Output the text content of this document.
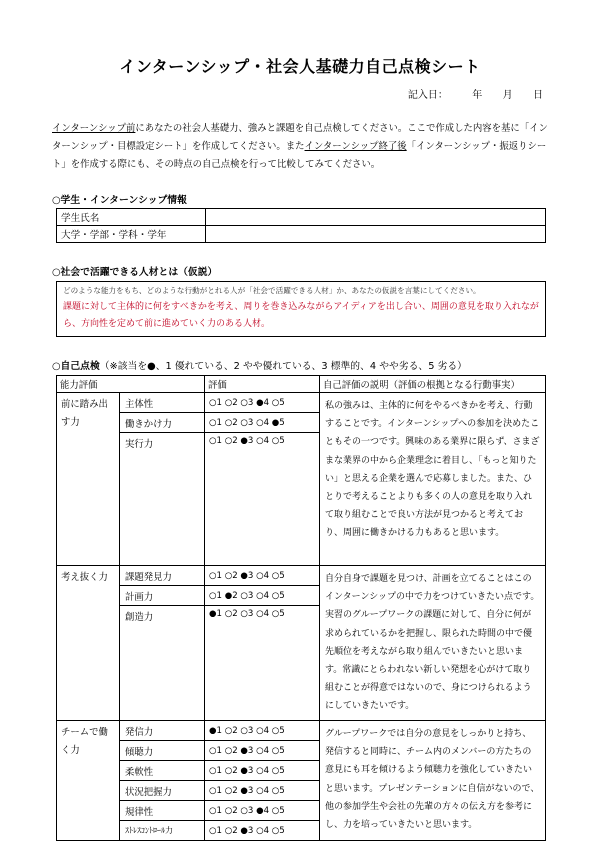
インターンシップ・社会人基礎力自己点検シート
記入日： 年 月 日
インターンシップ前にあなたの社会人基礎力、強みと課題を自己点検してください。ここで作成した内容を基に「インターンシップ・目標設定シート」を作成してください。またインターンシップ終了後「インターンシップ・振返りシート」を作成する際にも、その時点の自己点検を行って比較してみてください。
○学生・インターンシップ情報
学生氏名	
大学・学部・学科・学年	
○社会で活躍できる人材とは（仮説）
どのような能力をもち、どのような行動がとれる人が「社会で活躍できる人材」か、あなたの仮説を言葉にしてください。
課題に対して主体的に何をすべきかを考え、周りを巻き込みながらアイディアを出し合い、周囲の意見を取り入れながら、方向性を定めて前に進めていく力のある人材。
○自己点検（※該当を●、1 優れている、2 やや優れている、3 標準的、4 やや劣る、5 劣る）
能力評価		評価	自己評価の説明（評価の根拠となる行動事実）
前に踏み出す力	主体性	○1 ○2 ○3 ●4 ○5	私の強みは、主体的に何をやるべきかを考え、行動することです。インターンシップへの参加を決めたこともその一つです。興味のある業界に限らず、さまざまな業界の中から企業理念に着目し、「もっと知りたい」と思える企業を選んで応募しました。また、ひとりで考えることよりも多くの人の意見を取り入れて取り組むことで良い方法が見つかると考えており、周囲に働きかける力もあると思います。
	働きかけ力	○1 ○2 ○3 ○4 ●5	
	実行力	○1 ○2 ●3 ○4 ○5	
考え抜く力	課題発見力	○1 ○2 ●3 ○4 ○5	自分自身で課題を見つけ、計画を立てることはこのインターンシップの中で力をつけていきたい点です。実習のグループワークの課題に対して、自分に何が求められているかを把握し、限られた時間の中で優先順位を考えながら取り組んでいきたいと思います。常識にとらわれない新しい発想を心がけて取り組むことが得意ではないので、身につけられるようにしていきたいです。
	計画力	○1 ●2 ○3 ○4 ○5	
	創造力	●1 ○2 ○3 ○4 ○5	
チームで働く力	発信力	●1 ○2 ○3 ○4 ○5	グループワークでは自分の意見をしっかりと持ち、発信すると同時に、チーム内のメンバーの方たちの意見にも耳を傾けるよう傾聴力を強化していきたいと思います。プレゼンテーションに自信がないので、他の参加学生や会社の先輩の方々の伝え方を参考にし、力を培っていきたいと思います。
	傾聴力	○1 ○2 ●3 ○4 ○5	
	柔軟性	○1 ○2 ●3 ○4 ○5	
	状況把握力	○1 ○2 ●3 ○4 ○5	
	規律性	○1 ○2 ○3 ●4 ○5	
	ｽﾄﾚｽｺﾝﾄﾛｰﾙ力	○1 ○2 ●3 ○4 ○5	
